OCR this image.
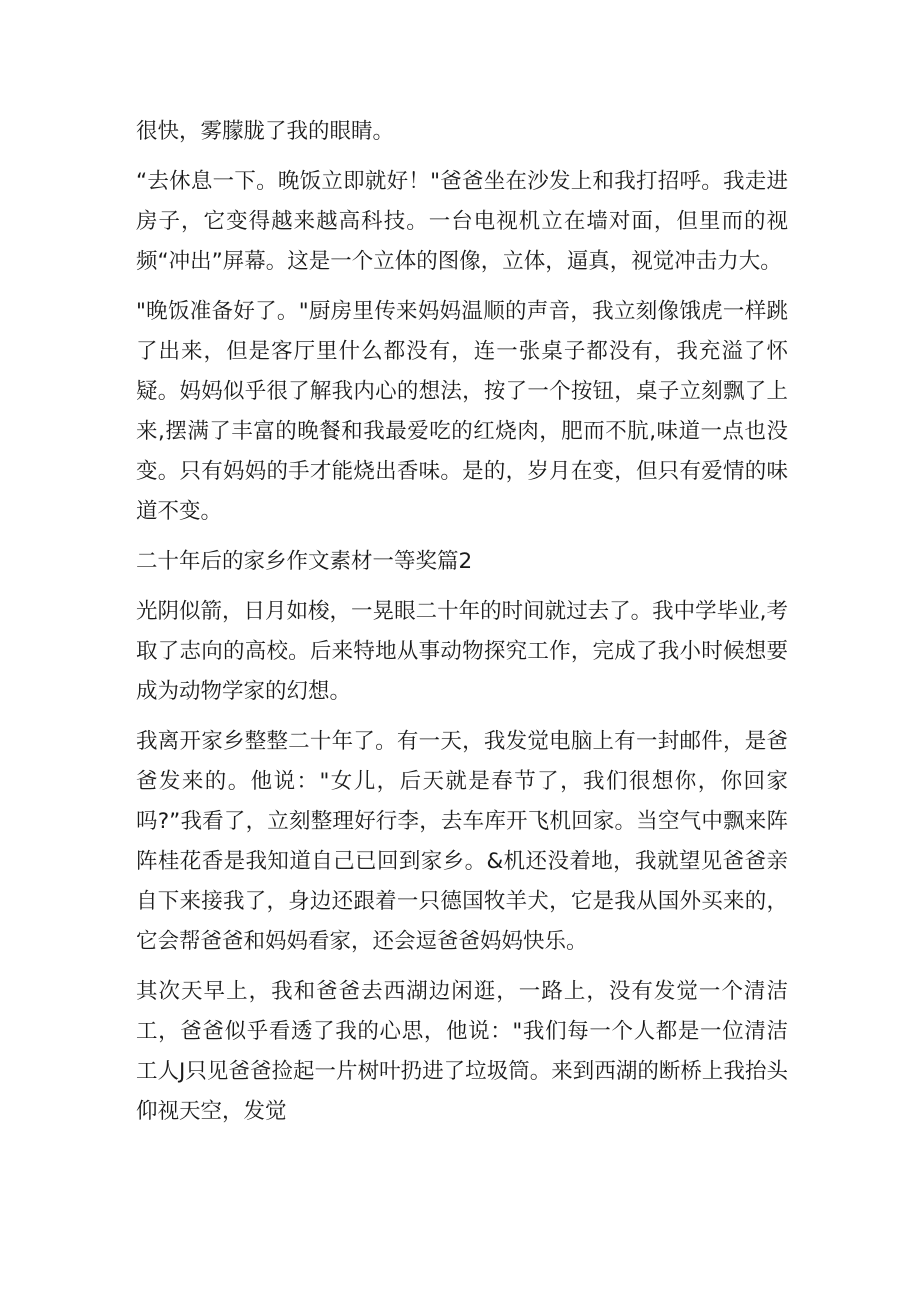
很快，雾朦胧了我的眼睛。

“去休息一下。晚饭立即就好！"爸爸坐在沙发上和我打招呼。我走进房子，它变得越来越高科技。一台电视机立在墙对面，但里而的视频“冲出”屏幕。这是一个立体的图像，立体，逼真，视觉冲击力大。

"晚饭准备好了。"厨房里传来妈妈温顺的声音，我立刻像饿虎一样跳了出来，但是客厅里什么都没有，连一张桌子都没有，我充溢了怀疑。妈妈似乎很了解我内心的想法，按了一个按钮，桌子立刻飘了上来,摆满了丰富的晚餐和我最爱吃的红烧肉，肥而不肮,味道一点也没变。只有妈妈的手才能烧出香味。是的，岁月在变，但只有爱情的味道不变。

二十年后的家乡作文素材一等奖篇2

光阴似箭，日月如梭，一晃眼二十年的时间就过去了。我中学毕业,考取了志向的高校。后来特地从事动物探究工作，完成了我小时候想要成为动物学家的幻想。

我离开家乡整整二十年了。有一天，我发觉电脑上有一封邮件，是爸爸发来的。他说："女儿，后天就是春节了，我们很想你，你回家吗?”我看了，立刻整理好行李，去车库开飞机回家。当空气中飘来阵阵桂花香是我知道自己已回到家乡。&机还没着地，我就望见爸爸亲自下来接我了，身边还跟着一只德国牧羊犬，它是我从国外买来的，它会帮爸爸和妈妈看家，还会逗爸爸妈妈快乐。

其次天早上，我和爸爸去西湖边闲逛，一路上，没有发觉一个清洁工，爸爸似乎看透了我的心思，他说："我们每一个人都是一位清洁工人J只见爸爸捡起一片树叶扔进了垃圾筒。来到西湖的断桥上我抬头仰视天空，发觉
